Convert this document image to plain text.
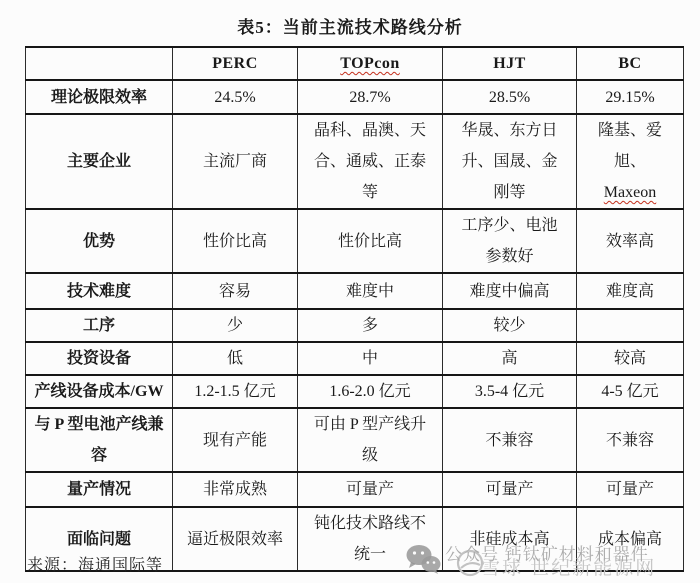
表5：当前主流技术路线分析
	PERC	TOPcon	HJT	BC
理论极限效率	24.5%	28.7%	28.5%	29.15%
主要企业	主流厂商	晶科、晶澳、天合、通威、正泰等	华晟、东方日升、国晟、金刚等	隆基、爱旭、Maxeon
优势	性价比高	性价比高	工序少、电池参数好	效率高
技术难度	容易	难度中	难度中偏高	难度高
工序	少	多	较少	
投资设备	低	中	高	较高
产线设备成本/GW	1.2-1.5 亿元	1.6-2.0 亿元	3.5-4 亿元	4-5 亿元
与 P 型电池产线兼容	现有产能	可由 P 型产线升级	不兼容	不兼容
量产情况	非常成熟	可量产	可量产	可量产
面临问题	逼近极限效率	钝化技术路线不统一	非硅成本高	成本偏高
来源：海通国际等	雪球 世纪新能源网
公众号 钙钛矿材料和器件
